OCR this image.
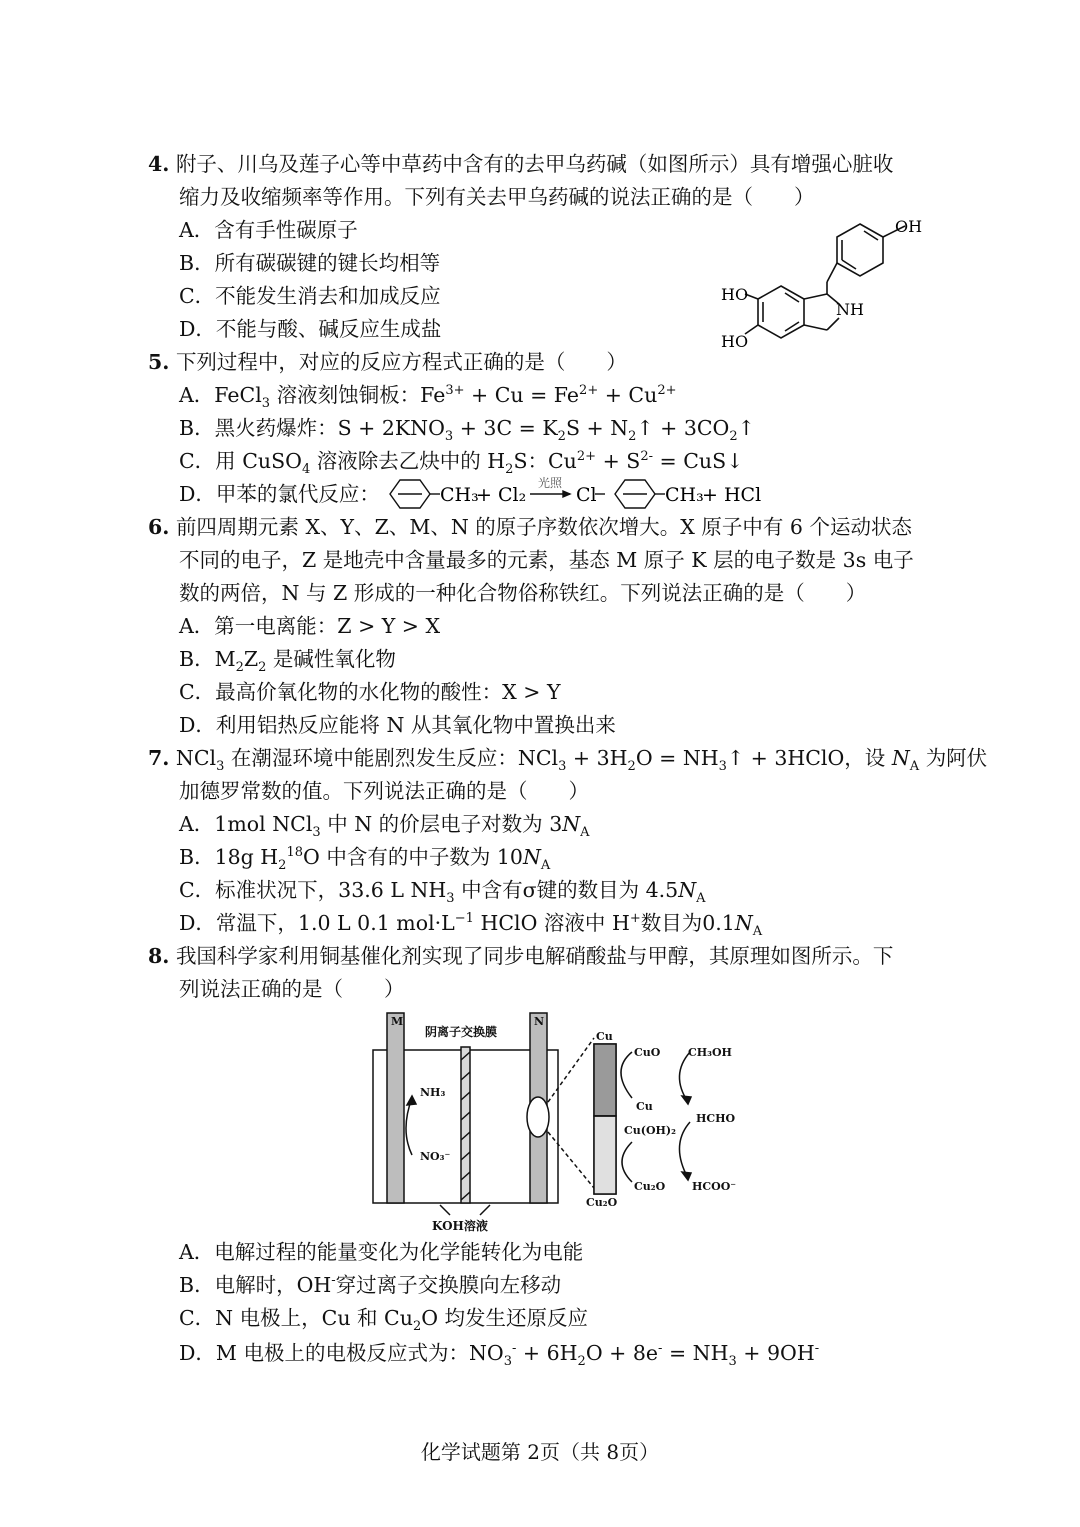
4. 附子、川乌及莲子心等中草药中含有的去甲乌药碱（如图所示）具有增强心脏收
缩力及收缩频率等作用。下列有关去甲乌药碱的说法正确的是（　　）
A．含有手性碳原子
B．所有碳碳键的键长均相等
C．不能发生消去和加成反应
D．不能与酸、碱反应生成盐
OH
HO
HO
NH
5. 下列过程中，对应的反应方程式正确的是（　　）
A．FeCl$_3$ 溶液刻蚀铜板：$Fe^{3+} + Cu = Fe^{2+} + Cu^{2+}$
B．黑火药爆炸：$S + 2KNO_3 + 3C = K_2S$ + $N_2↑$ + $3CO_2↑$
C．用 CuSO$_4$ 溶液除去乙炔中的 $H_2S$：$Cu^{2+} + S^{2-}$ = CuS↓
D．甲苯的氯代反应：	CH₃
+ Cl₂
光照
Cl	CH₃
+ HCl
6. 前四周期元素 X、Y、Z、M、N 的原子序数依次增大。X 原子中有 6 个运动状态
不同的电子，Z 是地壳中含量最多的元素，基态 M 原子 K 层的电子数是 3s 电子
数的两倍，N 与 Z 形成的一种化合物俗称铁红。下列说法正确的是（　　）
A．第一电离能：Z > Y > X
B．$M_2Z_2$ 是碱性氧化物
C．最高价氧化物的水化物的酸性：X > Y
D．利用铝热反应能将 N 从其氧化物中置换出来
7. NCl$_3$ 在潮湿环境中能剧烈发生反应：$NCl_3 + 3H_2O$ = $NH_3↑$ + 3HClO，设 $N_A$ 为阿伏
加德罗常数的值。下列说法正确的是（　　）
A．1mol NCl$_3$ 中 N 的价层电子对数为 $3N_A$
B．18g $H_2^{18}O$ 中含有的中子数为 $10N_A$
C．标准状况下，33.6 L $NH_3$ 中含有σ键的数目为 $4.5N_A$
D．常温下，1.0 L 0.1 $mol\cdot L^{-1}$ HClO 溶液中 H+数目为$0.1N_A$
8. 我国科学家利用铜基催化剂实现了同步电解硝酸盐与甲醇，其原理如图所示。下
列说法正确的是（　　）
M	N
阴离子交换膜
KOH溶液
NH₃
NO₃⁻
Cu
CuO	CH₃OH
Cu
HCHO
Cu(OH)₂
Cu₂O HCOO⁻
Cu₂O
A．电解过程的能量变化为化学能转化为电能
B．电解时，OH-穿过离子交换膜向左移动
C．N 电极上，Cu 和 $Cu_2O$ 均发生还原反应
D．M 电极上的电极反应式为：$NO_3^- + 6H_2O + 8e^- = NH_3 + 9OH^-$
化学试题第 2页（共 8页）
